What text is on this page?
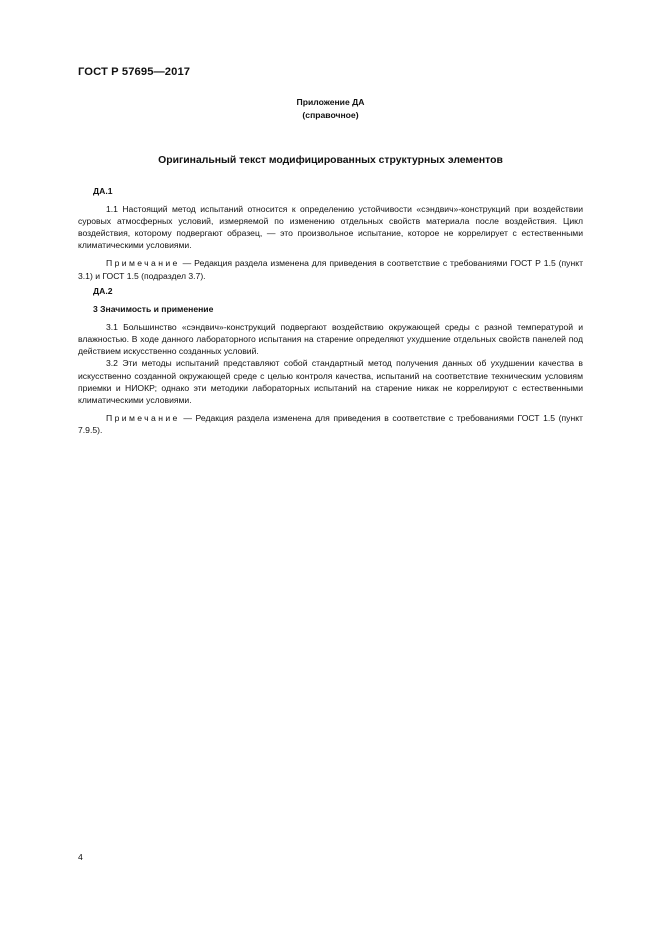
ГОСТ Р 57695—2017
Приложение ДА
(справочное)
Оригинальный текст модифицированных структурных элементов
ДА.1

1.1 Настоящий метод испытаний относится к определению устойчивости «сэндвич»-конструкций при воздействии суровых атмосферных условий, измеряемой по изменению отдельных свойств материала после воздействия. Цикл воздействия, которому подвергают образец, — это произвольное испытание, которое не коррелирует с естественными климатическими условиями.

Примечание — Редакция раздела изменена для приведения в соответствие с требованиями ГОСТ Р 1.5 (пункт 3.1) и ГОСТ 1.5 (подраздел 3.7).

ДА.2
3 Значимость и применение

3.1 Большинство «сэндвич»-конструкций подвергают воздействию окружающей среды с разной температурой и влажностью. В ходе данного лабораторного испытания на старение определяют ухудшение отдельных свойств панелей под действием искусственно созданных условий.

3.2 Эти методы испытаний представляют собой стандартный метод получения данных об ухудшении качества в искусственно созданной окружающей среде с целью контроля качества, испытаний на соответствие техническим условиям приемки и НИОКР; однако эти методики лабораторных испытаний на старение никак не коррелируют с естественными климатическими условиями.

Примечание — Редакция раздела изменена для приведения в соответствие с требованиями ГОСТ 1.5 (пункт 7.9.5).

4
